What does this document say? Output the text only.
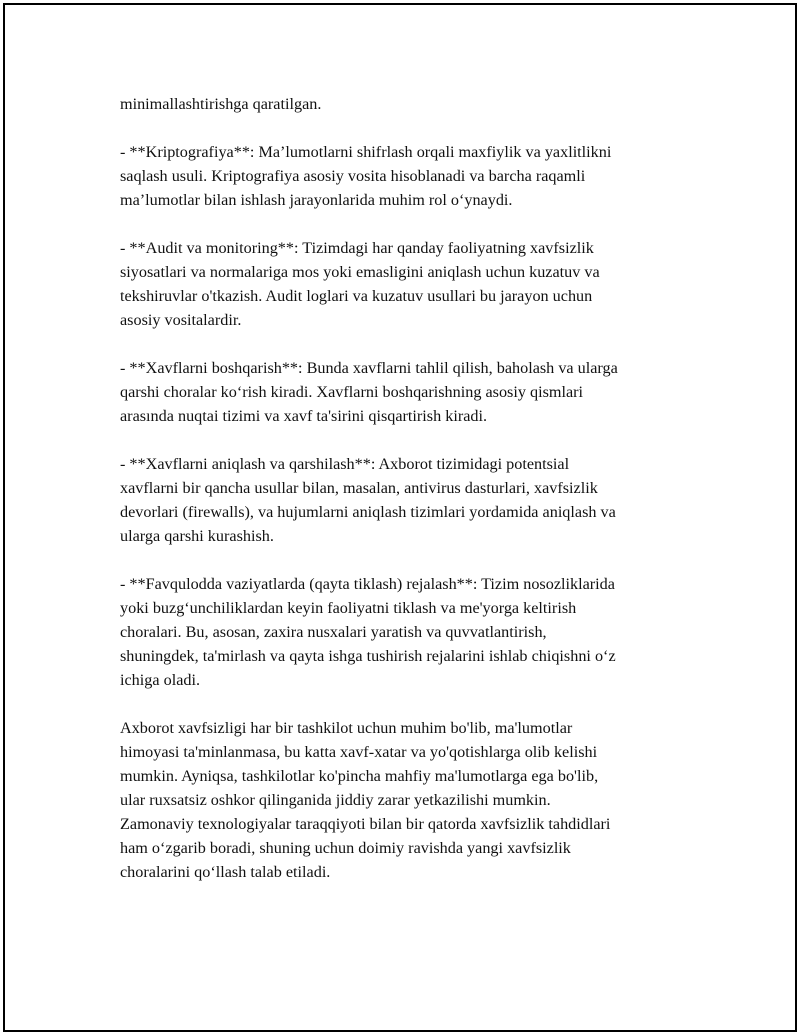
minimallashtirishga qaratilgan.

- **Kriptografiya**: Maʼlumotlarni shifrlash orqali maxfiylik va yaxlitlikni
saqlash usuli. Kriptografiya asosiy vosita hisoblanadi va barcha raqamli
maʼlumotlar bilan ishlash jarayonlarida muhim rol oʻynaydi.

- **Audit va monitoring**: Tizimdagi har qanday faoliyatning xavfsizlik
siyosatlari va normalariga mos yoki emasligini aniqlash uchun kuzatuv va
tekshiruvlar o'tkazish. Audit loglari va kuzatuv usullari bu jarayon uchun
asosiy vositalardir.

- **Xavflarni boshqarish**: Bunda xavflarni tahlil qilish, baholash va ularga
qarshi choralar koʻrish kiradi. Xavflarni boshqarishning asosiy qismlari
arasında nuqtai tizimi va xavf ta'sirini qisqartirish kiradi.

- **Xavflarni aniqlash va qarshilash**: Axborot tizimidagi potentsial
xavflarni bir qancha usullar bilan, masalan, antivirus dasturlari, xavfsizlik
devorlari (firewalls), va hujumlarni aniqlash tizimlari yordamida aniqlash va
ularga qarshi kurashish.

- **Favqulodda vaziyatlarda (qayta tiklash) rejalash**: Tizim nosozliklarida
yoki buzgʻunchiliklardan keyin faoliyatni tiklash va me'yorga keltirish
choralari. Bu, asosan, zaxira nusxalari yaratish va quvvatlantirish,
shuningdek, ta'mirlash va qayta ishga tushirish rejalarini ishlab chiqishni oʻz
ichiga oladi.

Axborot xavfsizligi har bir tashkilot uchun muhim bo'lib, ma'lumotlar
himoyasi ta'minlanmasa, bu katta xavf-xatar va yo'qotishlarga olib kelishi
mumkin. Ayniqsa, tashkilotlar ko'pincha mahfiy ma'lumotlarga ega bo'lib,
ular ruxsatsiz oshkor qilinganida jiddiy zarar yetkazilishi mumkin.
Zamonaviy texnologiyalar taraqqiyoti bilan bir qatorda xavfsizlik tahdidlari
ham oʻzgarib boradi, shuning uchun doimiy ravishda yangi xavfsizlik
choralarini qoʻllash talab etiladi.
